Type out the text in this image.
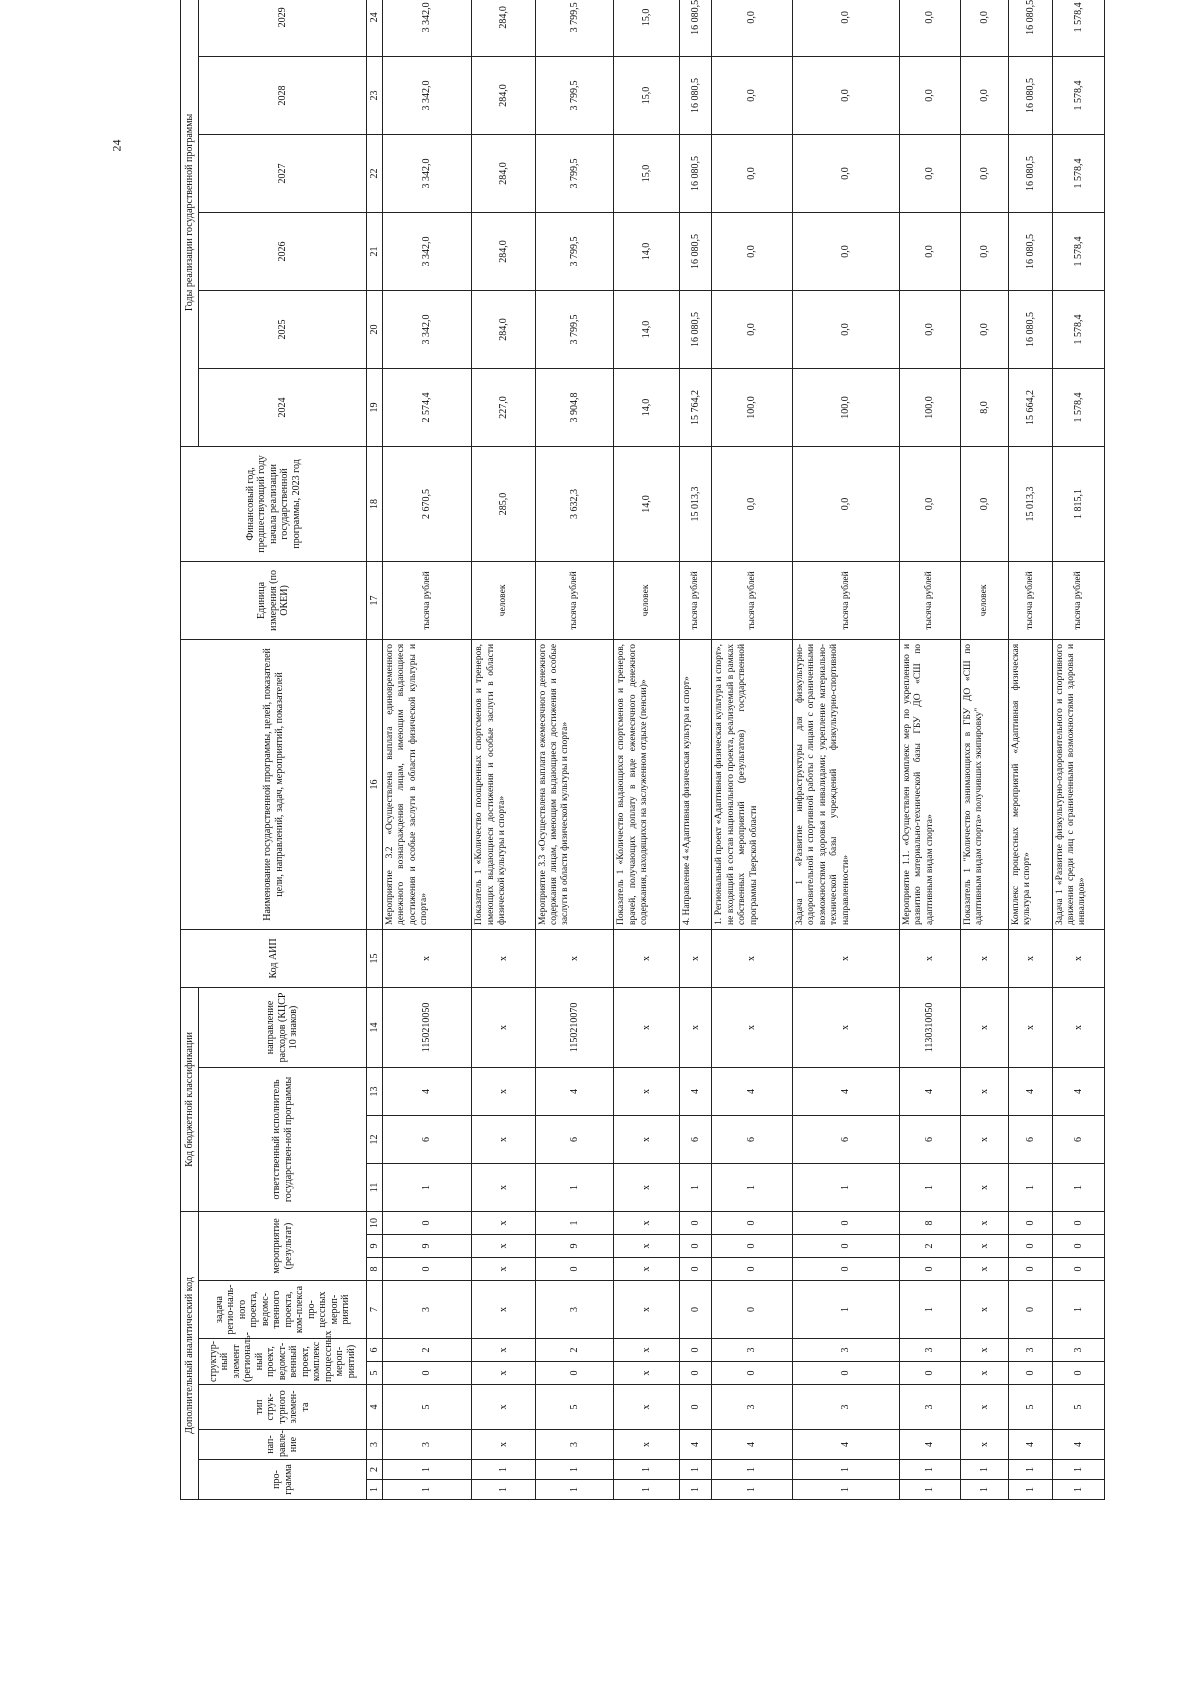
24
Дополнительный аналитический код										Код бюджетной классификации				Код АИП	Наименование государственной программы, целей, показателей цели, направлений, задач, мероприятий, показателей	Единица измерения (по ОКЕИ)	Финансовый год, предшествующий году начала реализации государственной программы, 2023 год	Годы реализации государственной программы					
про-грамма		нап-равле-ние	тип струк-турного элемен-та	структур-ный элемент (региональ-ный проект, ведомст-венный проект, комплекс процессных мероп-риятий)		задача регио-наль-ного проекта, ведомс-твенного проекта, ком-плекса про-цессных мероп-риятий	мероприятие (результат)			ответственный исполнитель государствен-ной программы			направление расходов (КЦСР 10 знаков)					2024	2025	2026	2027	2028	2029

1	2	3	4	5	6	7	8	9	10	11	12	13	14	15	16	17	18	19	20	21	22	23	24
1	1	3	5	0	2	3	0	9	0	1	6	4	1150210050	x	Мероприятие 3.2 «Осуществлена выплата единовременного денежного вознаграждения лицам, имеющим выдающиеся достижения и особые заслуги в области физической культуры и спорта»	тысяча рублей	2 670,5	2 574,4	3 342,0	3 342,0	3 342,0	3 342,0	3 342,0
1	1	x	x	x	x	x	x	x	x	x	x	x	x	x	Показатель 1 «Количество поощренных спортсменов и тренеров, имеющих выдающиеся достижения и особые заслуги в области физической культуры и спорта»	человек	285,0	227,0	284,0	284,0	284,0	284,0	284,0
1	1	3	5	0	2	3	0	9	1	1	6	4	1150210070	x	Мероприятие 3.3 «Осуществлена выплата ежемесячного денежного содержания лицам, имеющим выдающиеся достижения и особые заслуги в области физической культуры и спорта»	тысяча рублей	3 632,3	3 904,8	3 799,5	3 799,5	3 799,5	3 799,5	3 799,5
1	1	x	x	x	x	x	x	x	x	x	x	x	x	x	Показатель 1 «Количество выдающихся спортсменов и тренеров, врачей, получающих доплату в виде ежемесячного денежного содержания, находящихся на заслуженном отдыхе (пенсии)»	человек	14,0	14,0	14,0	14,0	15,0	15,0	15,0
1	1	4	0	0	0	0	0	0	0	1	6	4	x	x	4. Направление 4 «Адаптивная физическая культура и спорт»	тысяча рублей	15 013,3	15 764,2	16 080,5	16 080,5	16 080,5	16 080,5	16 080,5
1	1	4	3	0	3	0	0	0	0	1	6	4	x	x	1. Региональный проект «Адаптивная физическая культура и спорт», не входящий в состав национального проекта, реализуемый в рамках собственных мероприятий (результатов) государственной программы Тверской области	тысяча рублей	0,0	100,0	0,0	0,0	0,0	0,0	0,0
1	1	4	3	0	3	1	0	0	0	1	6	4	x	x	Задача 1 «Развитие инфраструктуры для физкультурно-оздоровительной и спортивной работы с лицами с ограниченными возможностями здоровья и инвалидами; укрепление материально-технической базы учреждений физкультурно-спортивной направленности»	тысяча рублей	0,0	100,0	0,0	0,0	0,0	0,0	0,0
1	1	4	3	0	3	1	0	2	8	1	6	4	1130310050	x	Мероприятие 1.1. «Осуществлен комплекс мер по укреплению и развитию материально-технической базы ГБУ ДО «СШ по адаптивным видам спорта»	тысяча рублей	0,0	100,0	0,0	0,0	0,0	0,0	0,0
1	1	x	x	x	x	x	x	x	x	x	x	x	x	x	Показатель 1 "Количество занимающихся в ГБУ ДО «СШ по адаптивным видам спорта» получивших экипировку"	человек	0,0	8,0	0,0	0,0	0,0	0,0	0,0
1	1	4	5	0	3	0	0	0	0	1	6	4	x	x	Комплекс процессных мероприятий «Адаптивная физическая культура и спорт»	тысяча рублей	15 013,3	15 664,2	16 080,5	16 080,5	16 080,5	16 080,5	16 080,5
1	1	4	5	0	3	1	0	0	0	1	6	4	x	x	Задача 1 «Развитие физкультурно-оздоровительного и спортивного движения среди лиц с ограниченными возможностями здоровья и инвалидов»	тысяча рублей	1 815,1	1 578,4	1 578,4	1 578,4	1 578,4	1 578,4	1 578,4
